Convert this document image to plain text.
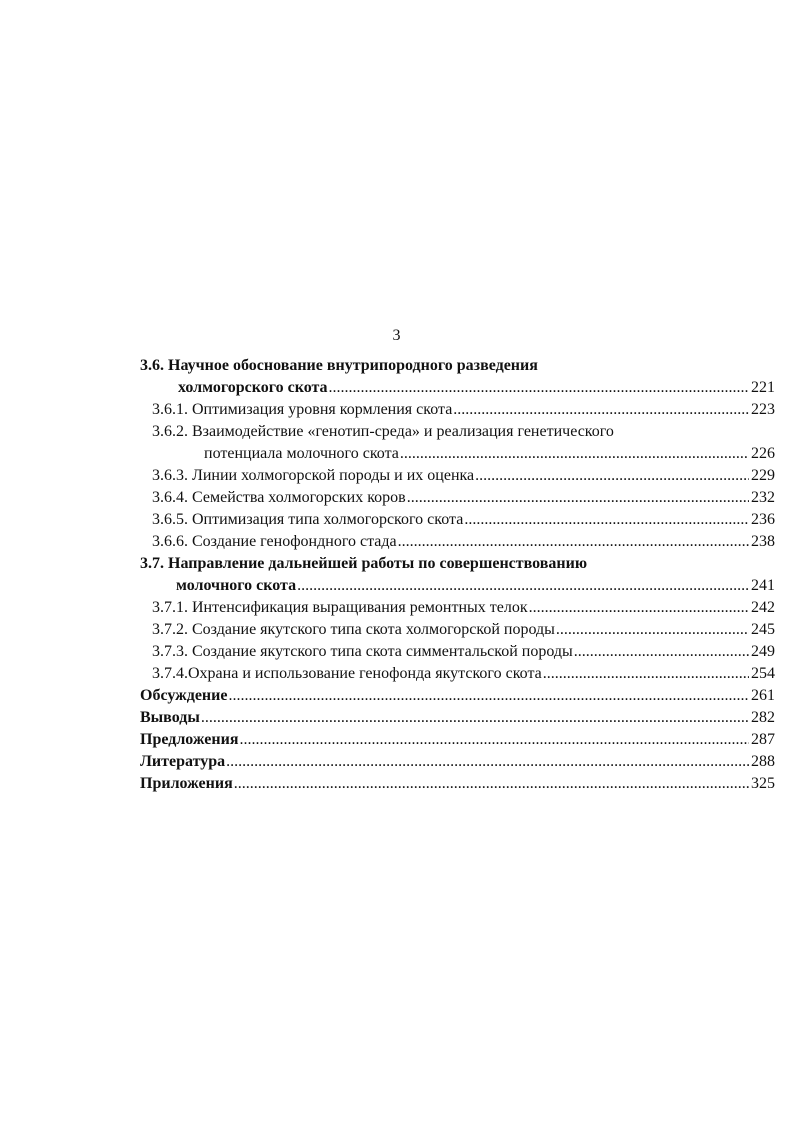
3
3.6. Научное обоснование внутрипородного разведения
холмогорского скота .....	221
3.6.1. Оптимизация уровня кормления скота .....	223
3.6.2. Взаимодействие «генотип-среда» и реализация генетического
потенциала молочного скота .....	226
3.6.3. Линии холмогорской породы и их оценка .....	229
3.6.4. Семейства холмогорских коров .....	232
3.6.5. Оптимизация типа холмогорского скота .....	236
3.6.6. Создание генофондного стада .....	238
3.7. Направление дальнейшей работы по совершенствованию
молочного скота .....	241
3.7.1. Интенсификация выращивания ремонтных телок .....	242
3.7.2. Создание якутского типа скота холмогорской породы .....	245
3.7.3. Создание якутского типа скота симментальской породы .....	249
3.7.4.Охрана и использование генофонда якутского скота .....	254
Обсуждение .....	261
Выводы .....	282
Предложения .....	287
Литература .....	288
Приложения .....	325
